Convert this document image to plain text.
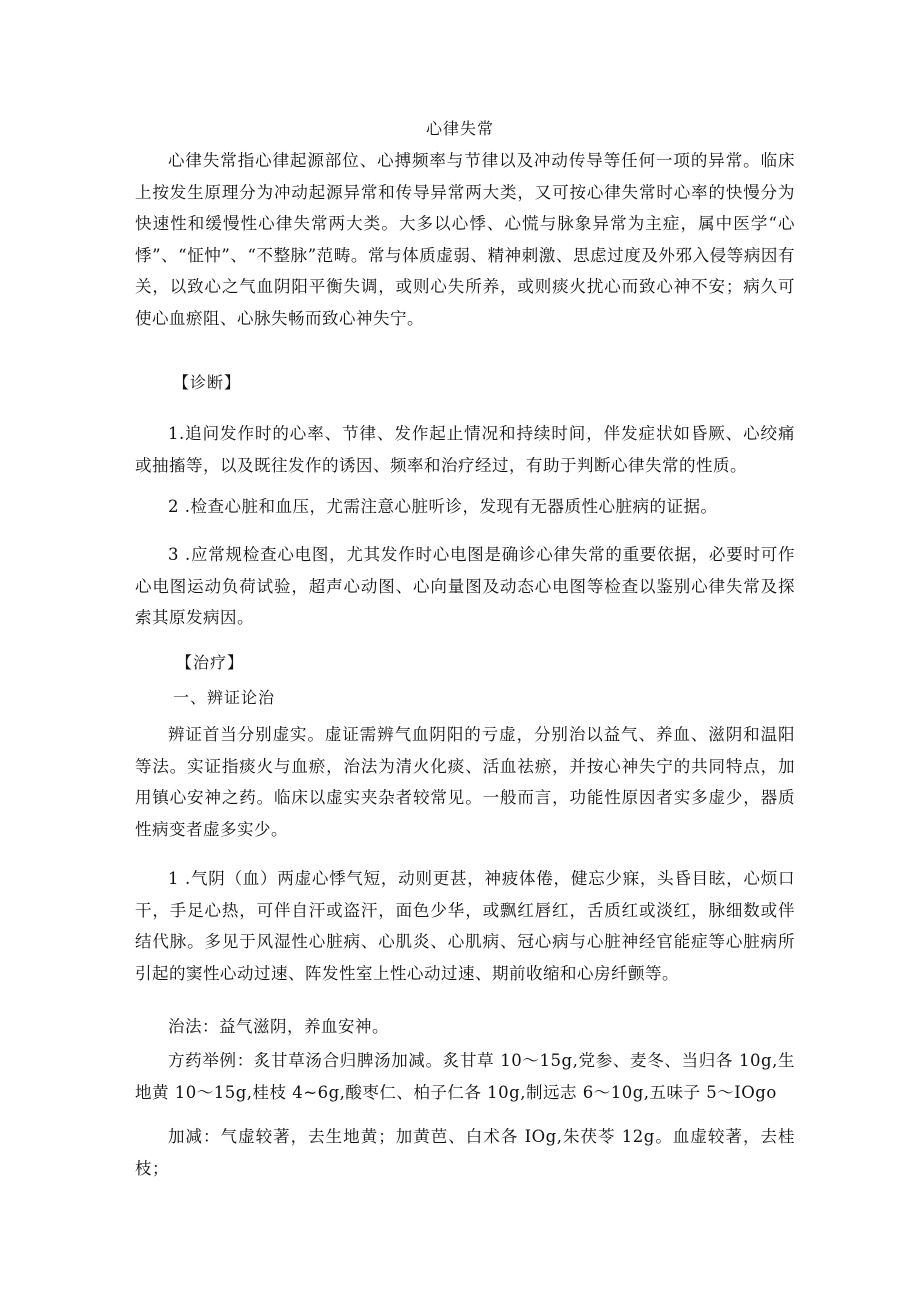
心律失常
心律失常指心律起源部位、心搏频率与节律以及冲动传导等任何一项的异常。临床上按发生原理分为冲动起源异常和传导异常两大类，又可按心律失常时心率的快慢分为快速性和缓慢性心律失常两大类。大多以心悸、心慌与脉象异常为主症，属中医学“心悸”、“怔忡”、“不整脉”范畴。常与体质虚弱、精神刺激、思虑过度及外邪入侵等病因有关，以致心之气血阴阳平衡失调，或则心失所养，或则痰火扰心而致心神不安；病久可使心血瘀阻、心脉失畅而致心神失宁。
【诊断】
1.追问发作时的心率、节律、发作起止情况和持续时间，伴发症状如昏厥、心绞痛或抽搐等，以及既往发作的诱因、频率和治疗经过，有助于判断心律失常的性质。
2 .检查心脏和血压，尤需注意心脏听诊，发现有无器质性心脏病的证据。
3 .应常规检查心电图，尤其发作时心电图是确诊心律失常的重要依据，必要时可作心电图运动负荷试验，超声心动图、心向量图及动态心电图等检查以鉴别心律失常及探索其原发病因。
【治疗】
一、辨证论治
辨证首当分别虚实。虚证需辨气血阴阳的亏虚，分别治以益气、养血、滋阴和温阳等法。实证指痰火与血瘀，治法为清火化痰、活血祛瘀，并按心神失宁的共同特点，加用镇心安神之药。临床以虚实夹杂者较常见。一般而言，功能性原因者实多虚少，器质性病变者虚多实少。
1 .气阴（血）两虚心悸气短，动则更甚，神疲体倦，健忘少寐，头昏目眩，心烦口干，手足心热，可伴自汗或盗汗，面色少华，或飘红唇红，舌质红或淡红，脉细数或伴结代脉。多见于风湿性心脏病、心肌炎、心肌病、冠心病与心脏神经官能症等心脏病所引起的窦性心动过速、阵发性室上性心动过速、期前收缩和心房纤颤等。
治法：益气滋阴，养血安神。
方药举例：炙甘草汤合归脾汤加减。炙甘草 10～15g,党参、麦冬、当归各 10g,生地黄 10～15g,桂枝 4~6g,酸枣仁、柏子仁各 10g,制远志 6～10g,五味子 5～IOgo
加减：气虚较著，去生地黄；加黄芭、白术各 IOg,朱茯苓 12g。血虚较著，去桂枝；
